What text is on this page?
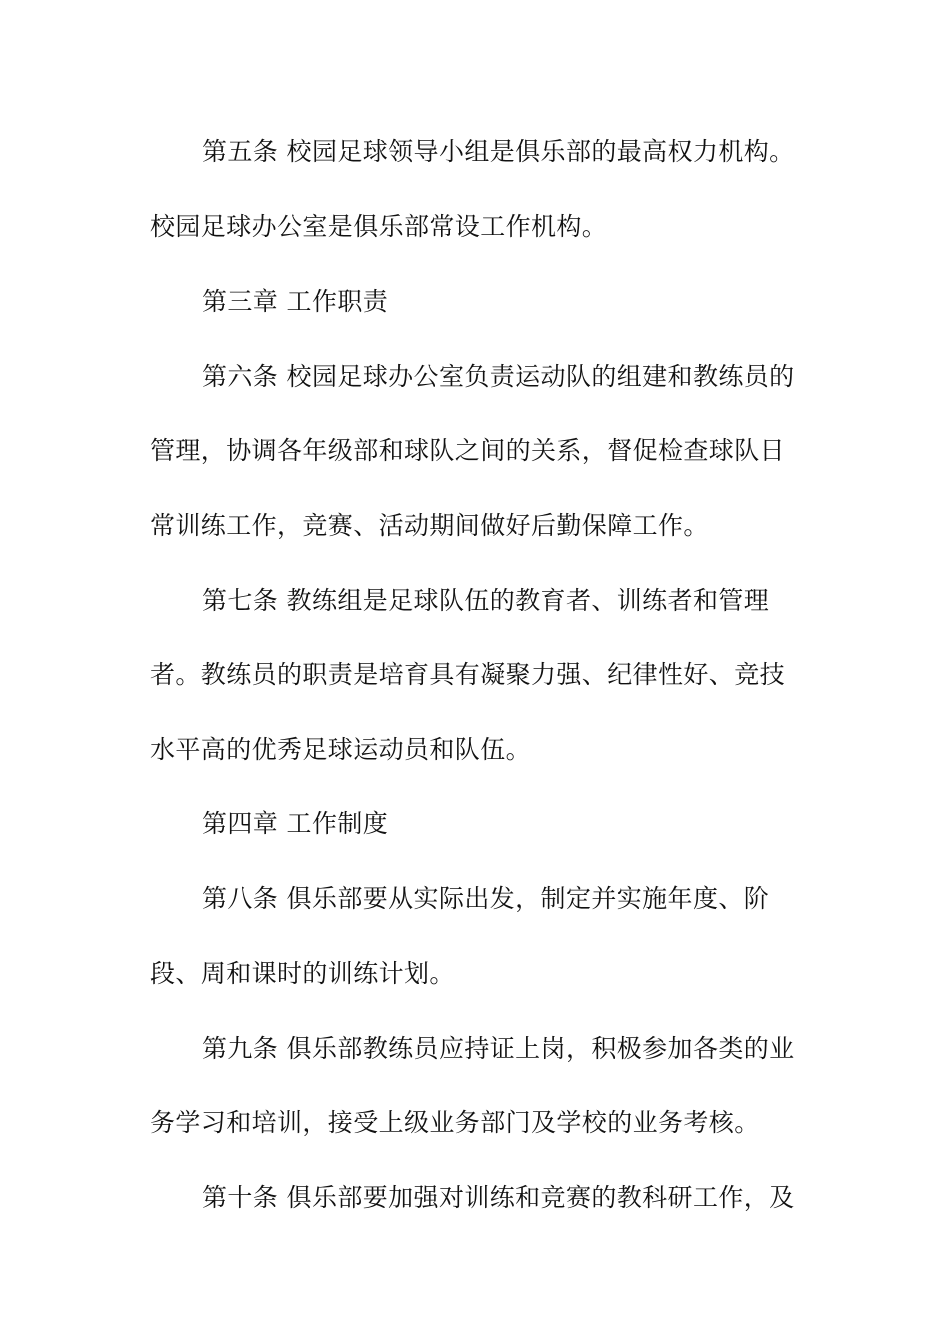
第五条 校园足球领导小组是俱乐部的最高权力机构。
校园足球办公室是俱乐部常设工作机构。
第三章 工作职责
第六条 校园足球办公室负责运动队的组建和教练员的
管理，协调各年级部和球队之间的关系，督促检查球队日
常训练工作，竞赛、活动期间做好后勤保障工作。
第七条 教练组是足球队伍的教育者、训练者和管理
者。教练员的职责是培育具有凝聚力强、纪律性好、竞技
水平高的优秀足球运动员和队伍。
第四章 工作制度
第八条 俱乐部要从实际出发，制定并实施年度、阶
段、周和课时的训练计划。
第九条 俱乐部教练员应持证上岗，积极参加各类的业
务学习和培训，接受上级业务部门及学校的业务考核。
第十条 俱乐部要加强对训练和竞赛的教科研工作，及
